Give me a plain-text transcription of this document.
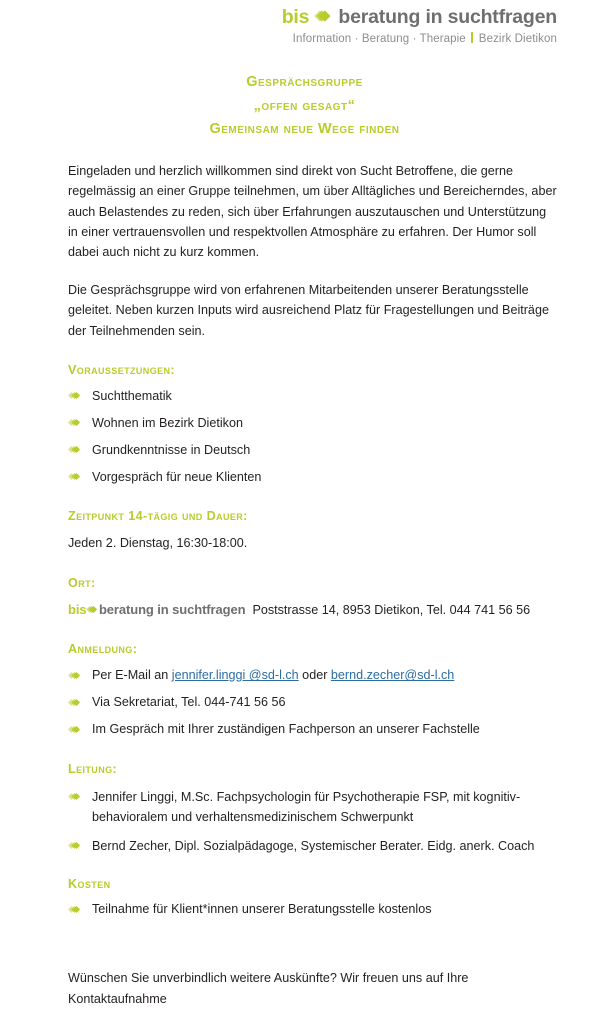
bis beratung in suchtfragen
Information · Beratung · Therapie Bezirk Dietikon
Gesprächsgruppe
„offen gesagt“
Gemeinsam neue Wege finden

Eingeladen und herzlich willkommen sind direkt von Sucht Betroffene, die gerne regelmässig an einer Gruppe teilnehmen, um über Alltägliches und Bereicherndes, aber auch Belastendes zu reden, sich über Erfahrungen auszutauschen und Unterstützung in einer vertrauensvollen und respektvollen Atmosphäre zu erfahren. Der Humor soll dabei auch nicht zu kurz kommen.

Die Gesprächsgruppe wird von erfahrenen Mitarbeitenden unserer Beratungsstelle geleitet. Neben kurzen Inputs wird ausreichend Platz für Fragestellungen und Beiträge der Teilnehmenden sein.

Voraussetzungen:
Suchtthematik
Wohnen im Bezirk Dietikon
Grundkenntnisse in Deutsch
Vorgespräch für neue Klienten
Zeitpunkt 14-tägig und Dauer:

Jeden 2. Dienstag, 16:30-18:00.

Ort:
bis beratung in suchtfragen Poststrasse 14, 8953 Dietikon, Tel. 044 741 56 56
Anmeldung:
Per E-Mail an jennifer.linggi @sd-l.ch oder bernd.zecher@sd-l.ch
Via Sekretariat, Tel. 044-741 56 56
Im Gespräch mit Ihrer zuständigen Fachperson an unserer Fachstelle
Leitung:
Jennifer Linggi, M.Sc. Fachpsychologin für Psychotherapie FSP, mit kognitiv-behavioralem und verhaltensmedizinischem Schwerpunkt
Bernd Zecher, Dipl. Sozialpädagoge, Systemischer Berater. Eidg. anerk. Coach
Kosten
Teilnahme für Klient*innen unserer Beratungsstelle kostenlos

Wünschen Sie unverbindlich weitere Auskünfte? Wir freuen uns auf Ihre Kontaktaufnahme
